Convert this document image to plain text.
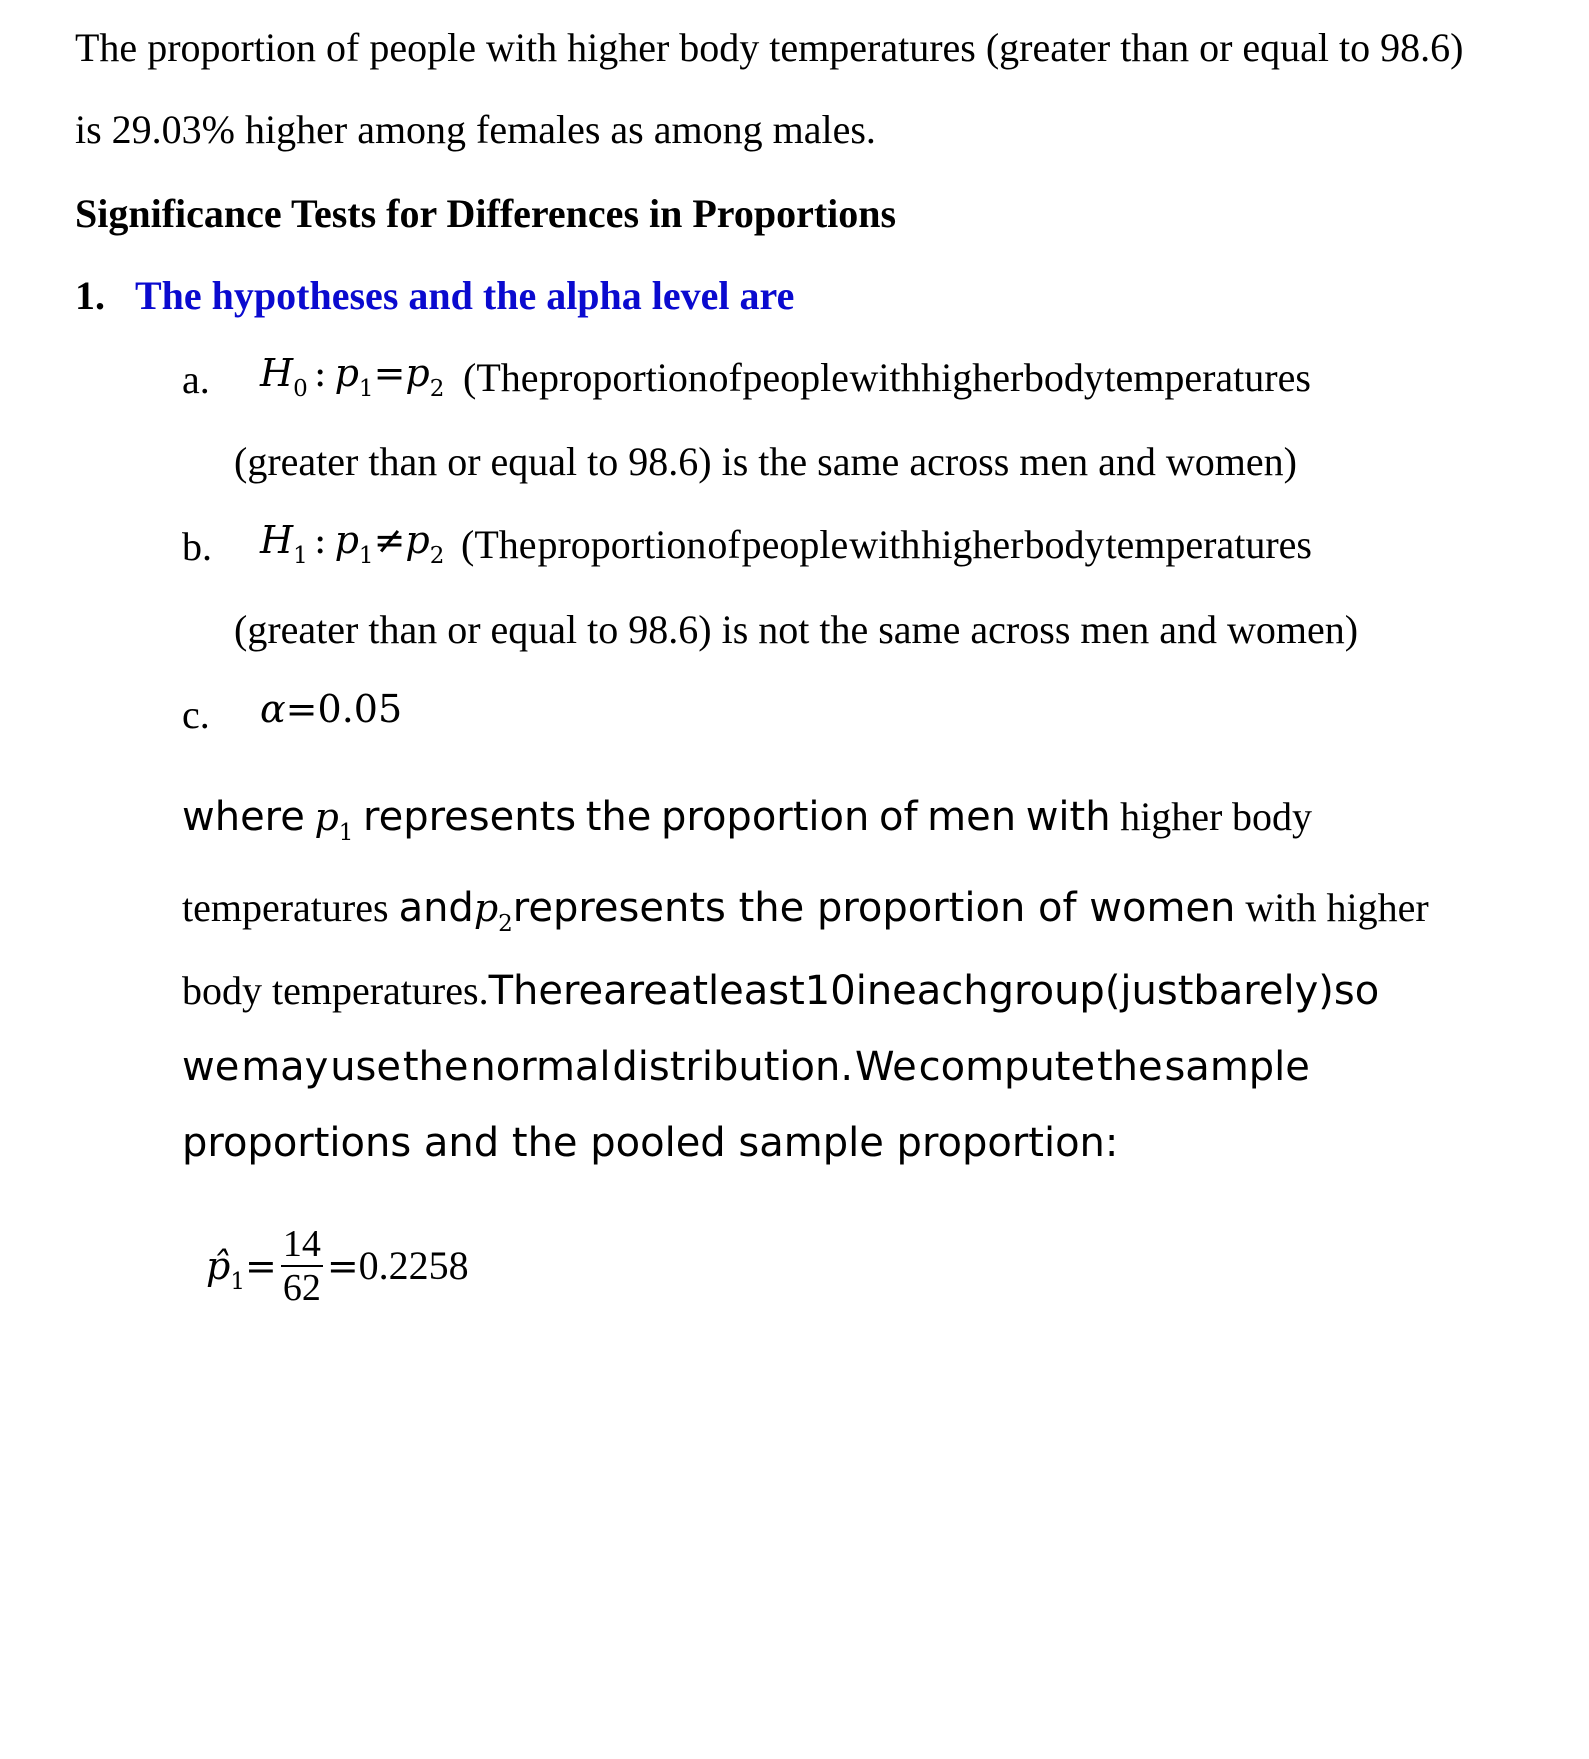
The proportion of people with higher body temperatures (greater than or equal to 98.6)
is 29.03% higher among females as among males.
Significance Tests for Differences in Proportions
1. The hypotheses and the alpha level are
a. $H_0$ : $p_1=p_2$ (The proportion of people with higher body temperatures
(greater than or equal to 98.6) is the same across men and women)
b. $H_1$ : $p_1\ne p_2$ (The proportion of people with higher body temperatures
(greater than or equal to 98.6) is not the same across men and women)
c. α=0.05
where $p_1$ represents the proportion of men with higher body
temperatures and $p_2$ represents the proportion of women with higher
body temperatures. There are at least 10 in each group (just barely) so
we may use the normal distribution. We compute the sample
proportions and the pooled sample proportion:
$p̂_1 = \frac{14}{62} = 0.2258$
